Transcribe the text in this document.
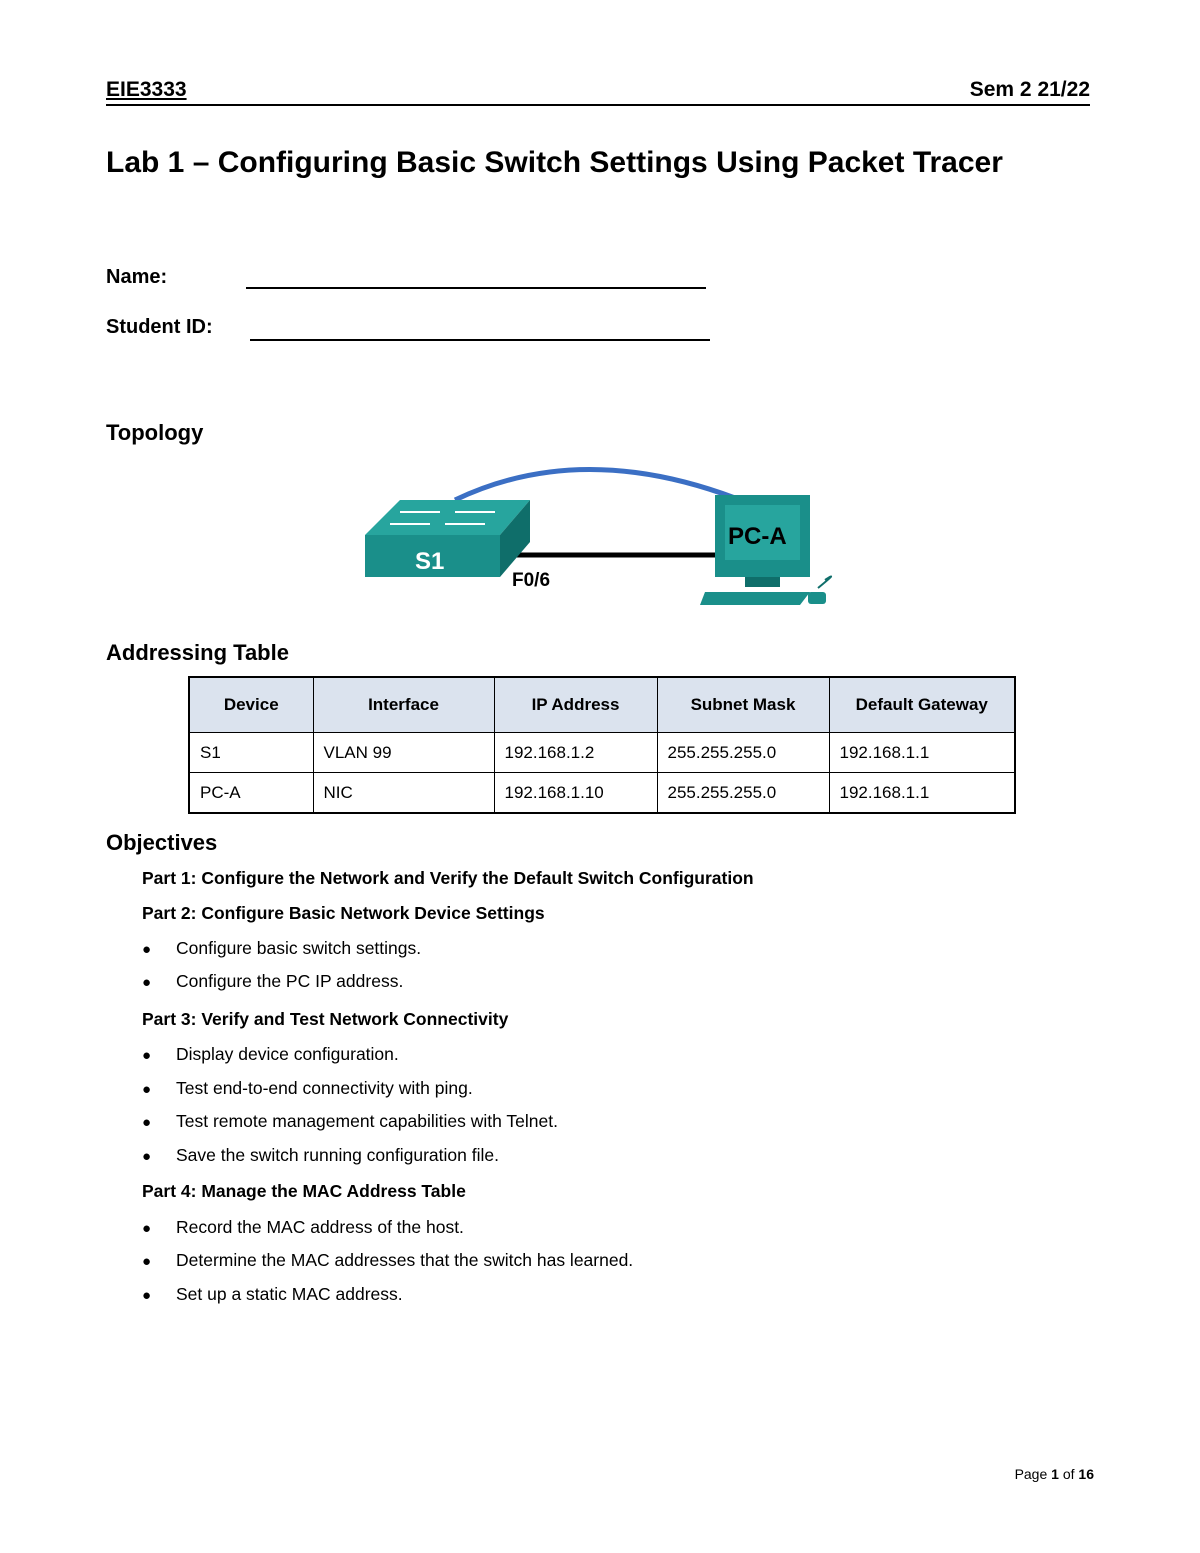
EIE3333	Sem 2 21/22
Lab 1 – Configuring Basic Switch Settings Using Packet Tracer
Name:
Student ID:
Topology
S1
F0/6
PC-A
Addressing Table
Device	Interface	IP Address	Subnet Mask	Default Gateway
S1	VLAN 99	192.168.1.2	255.255.255.0	192.168.1.1
PC-A	NIC	192.168.1.10	255.255.255.0	192.168.1.1
Objectives
Part 1: Configure the Network and Verify the Default Switch Configuration
Part 2: Configure Basic Network Device Settings
● Configure basic switch settings.
● Configure the PC IP address.
Part 3: Verify and Test Network Connectivity
● Display device configuration.
● Test end-to-end connectivity with ping.
● Test remote management capabilities with Telnet.
● Save the switch running configuration file.
Part 4: Manage the MAC Address Table
● Record the MAC address of the host.
● Determine the MAC addresses that the switch has learned.
● Set up a static MAC address.
Page 1 of 16
